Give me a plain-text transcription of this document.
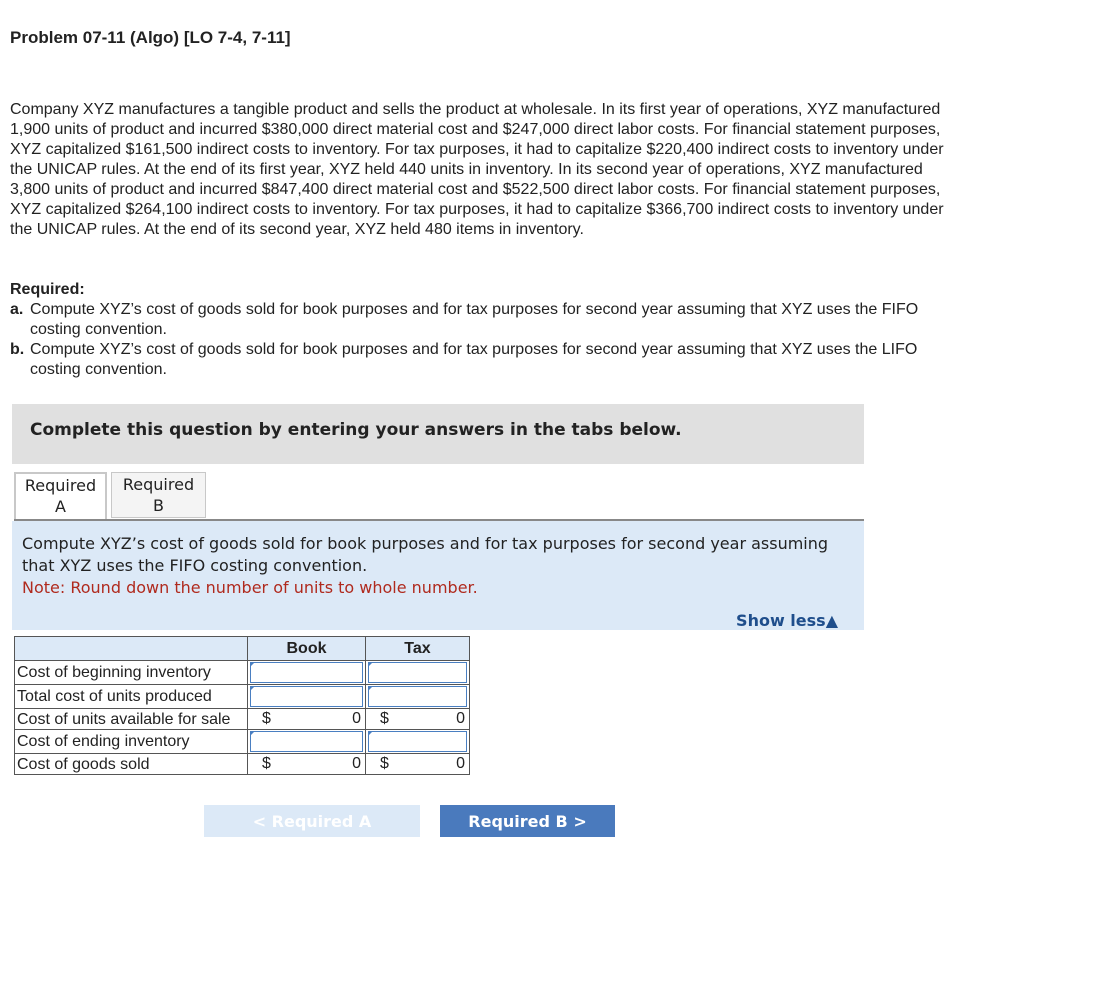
Problem 07-11 (Algo) [LO 7-4, 7-11]
Company XYZ manufactures a tangible product and sells the product at wholesale. In its first year of operations, XYZ manufactured 1,900 units of product and incurred $380,000 direct material cost and $247,000 direct labor costs. For financial statement purposes, XYZ capitalized $161,500 indirect costs to inventory. For tax purposes, it had to capitalize $220,400 indirect costs to inventory under the UNICAP rules. At the end of its first year, XYZ held 440 units in inventory. In its second year of operations, XYZ manufactured 3,800 units of product and incurred $847,400 direct material cost and $522,500 direct labor costs. For financial statement purposes, XYZ capitalized $264,100 indirect costs to inventory. For tax purposes, it had to capitalize $366,700 indirect costs to inventory under the UNICAP rules. At the end of its second year, XYZ held 480 items in inventory.
Required:
a. Compute XYZ’s cost of goods sold for book purposes and for tax purposes for second year assuming that XYZ uses the FIFO costing convention.
b. Compute XYZ’s cost of goods sold for book purposes and for tax purposes for second year assuming that XYZ uses the LIFO costing convention.
Complete this question by entering your answers in the tabs below.
Required
A
Required
B
Compute XYZ’s cost of goods sold for book purposes and for tax purposes for second year assuming that XYZ uses the FIFO costing convention.
Note: Round down the number of units to whole number.
Show less▲
	Book	Tax
Cost of beginning inventory	

Total cost of units produced	

Cost of units available for sale	$ 0	$ 0

Cost of ending inventory	

Cost of goods sold	$ 0	$ 0
< Required A	Required B >
